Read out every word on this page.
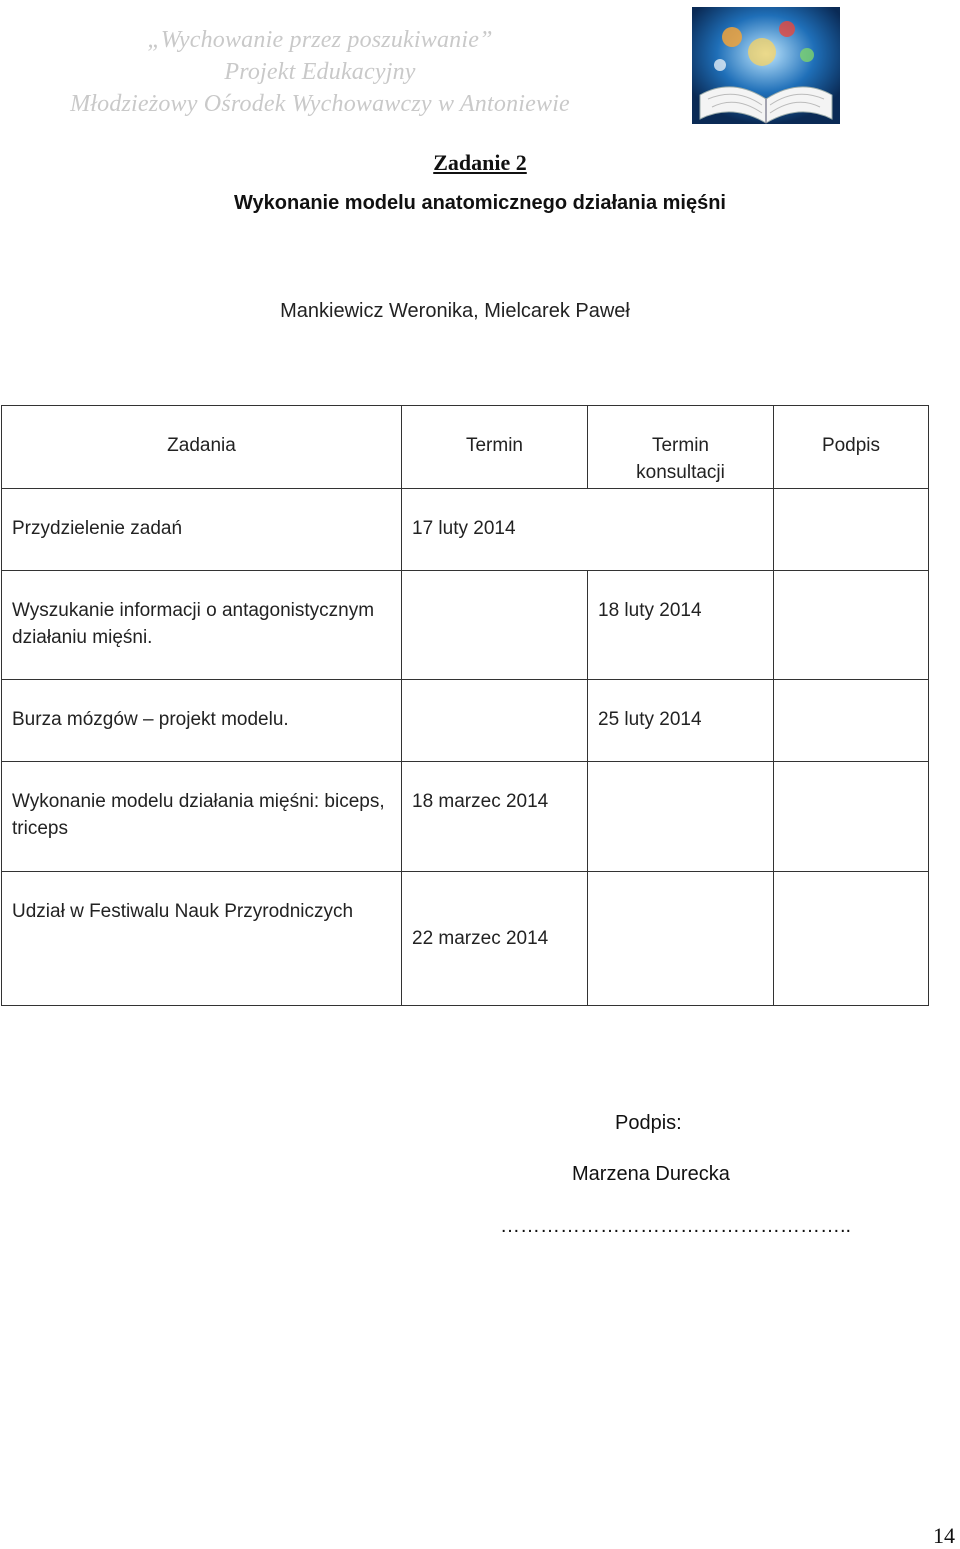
„Wychowanie przez poszukiwanie”
Projekt Edukacyjny
Młodzieżowy Ośrodek Wychowawczy w Antoniewie
Zadanie 2
Wykonanie modelu anatomicznego działania mięśni
Mankiewicz Weronika, Mielcarek Paweł
Zadania	Termin	Termin konsultacji	Podpis

Przydzielenie zadań	17 luty 2014		

Wyszukanie informacji o antagonistycznym działaniu mięśni.		18 luty 2014	

Burza mózgów – projekt modelu.		25 luty 2014	

Wykonanie modelu działania mięśni: biceps, triceps	18 marzec 2014		

Udział w Festiwalu Nauk Przyrodniczych	22 marzec 2014		

Podpis:
Marzena Durecka
……………………………………………..
14
